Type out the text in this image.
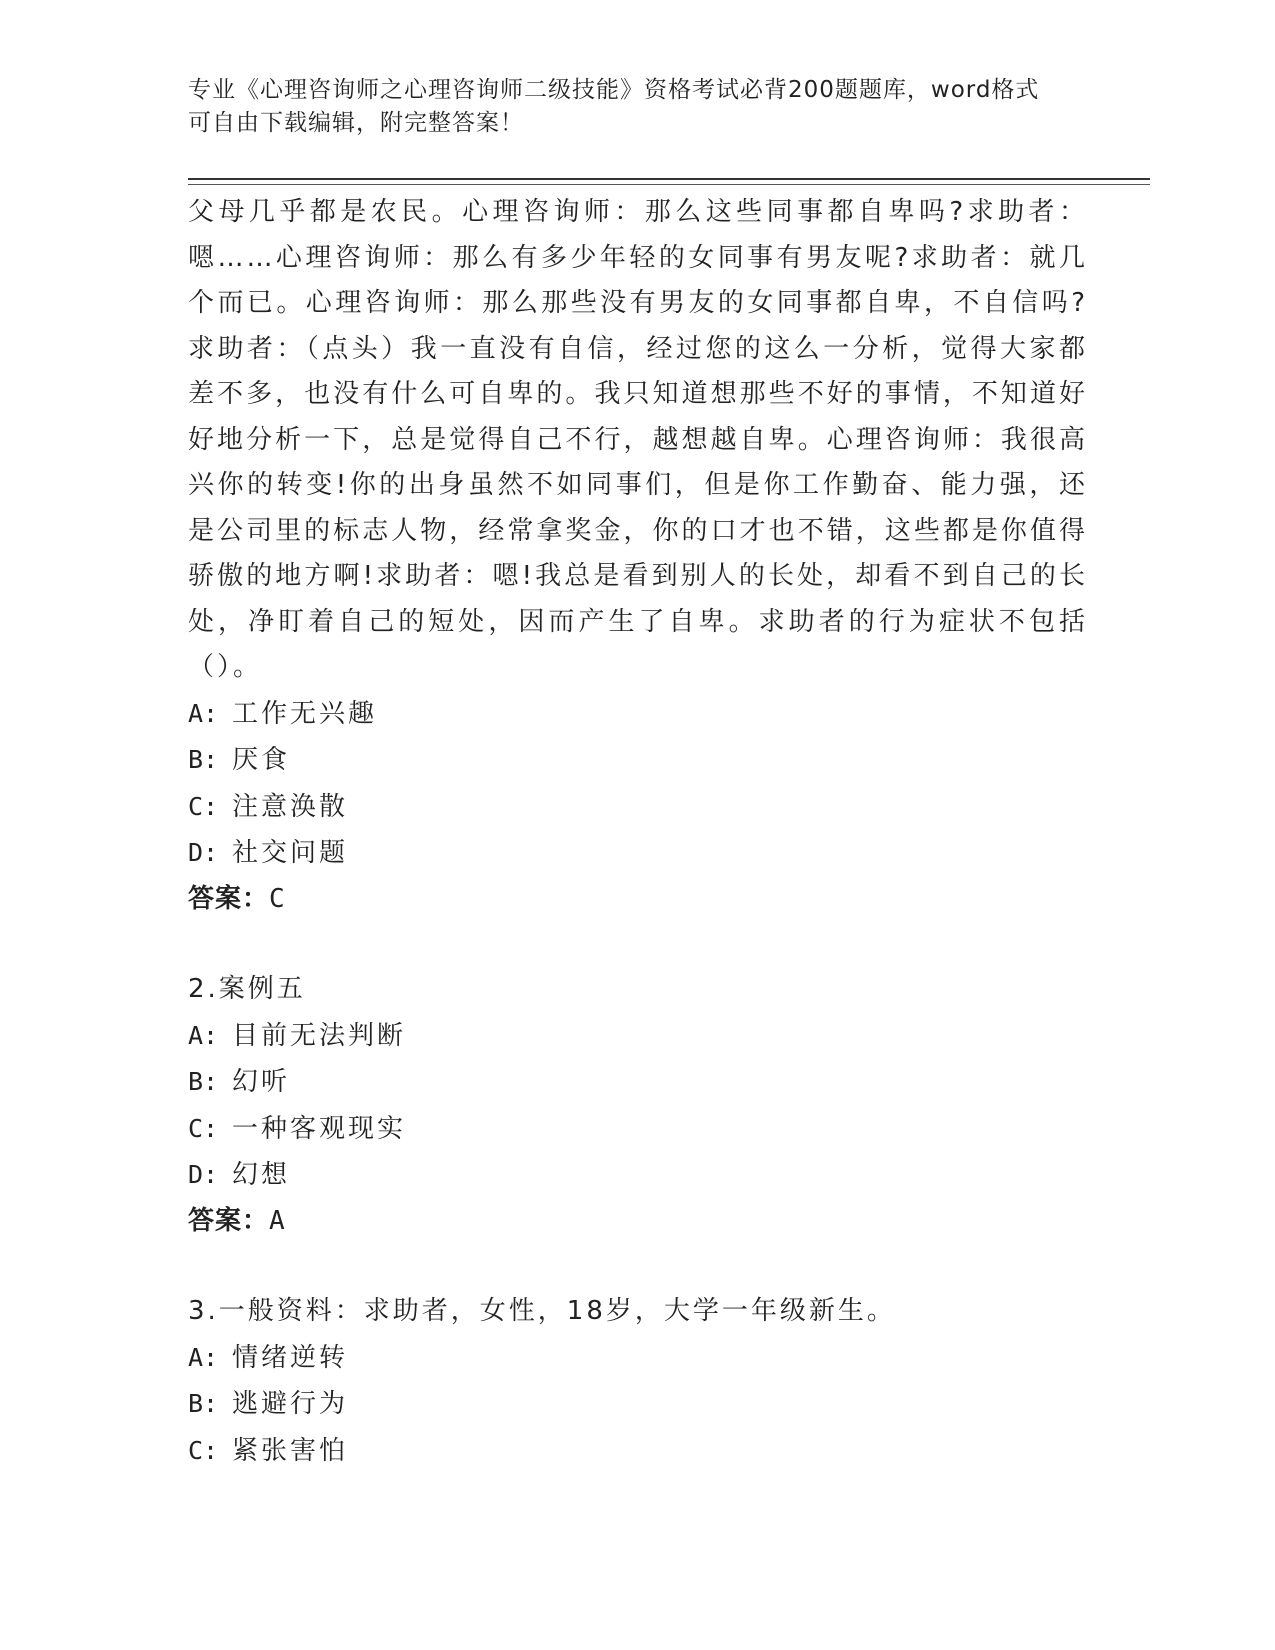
专业《心理咨询师之心理咨询师二级技能》资格考试必背200题题库，word格式
可自由下载编辑，附完整答案！

父母几乎都是农民。心理咨询师：那么这些同事都自卑吗?求助者：嗯……心理咨询师：那么有多少年轻的女同事有男友呢?求助者：就几个而已。心理咨询师：那么那些没有男友的女同事都自卑，不自信吗?求助者：（点头）我一直没有自信，经过您的这么一分析，觉得大家都差不多，也没有什么可自卑的。我只知道想那些不好的事情，不知道好好地分析一下，总是觉得自己不行，越想越自卑。心理咨询师：我很高兴你的转变!你的出身虽然不如同事们，但是你工作勤奋、能力强，还是公司里的标志人物，经常拿奖金，你的口才也不错，这些都是你值得骄傲的地方啊!求助者：嗯!我总是看到别人的长处，却看不到自己的长处，净盯着自己的短处，因而产生了自卑。求助者的行为症状不包括（）。

A: 工作无兴趣

B: 厌食

C: 注意涣散

D: 社交问题

答案：C

2.案例五

A: 目前无法判断

B: 幻听

C: 一种客观现实

D: 幻想

答案：A

3.一般资料：求助者，女性，18岁，大学一年级新生。

A: 情绪逆转

B: 逃避行为

C: 紧张害怕
